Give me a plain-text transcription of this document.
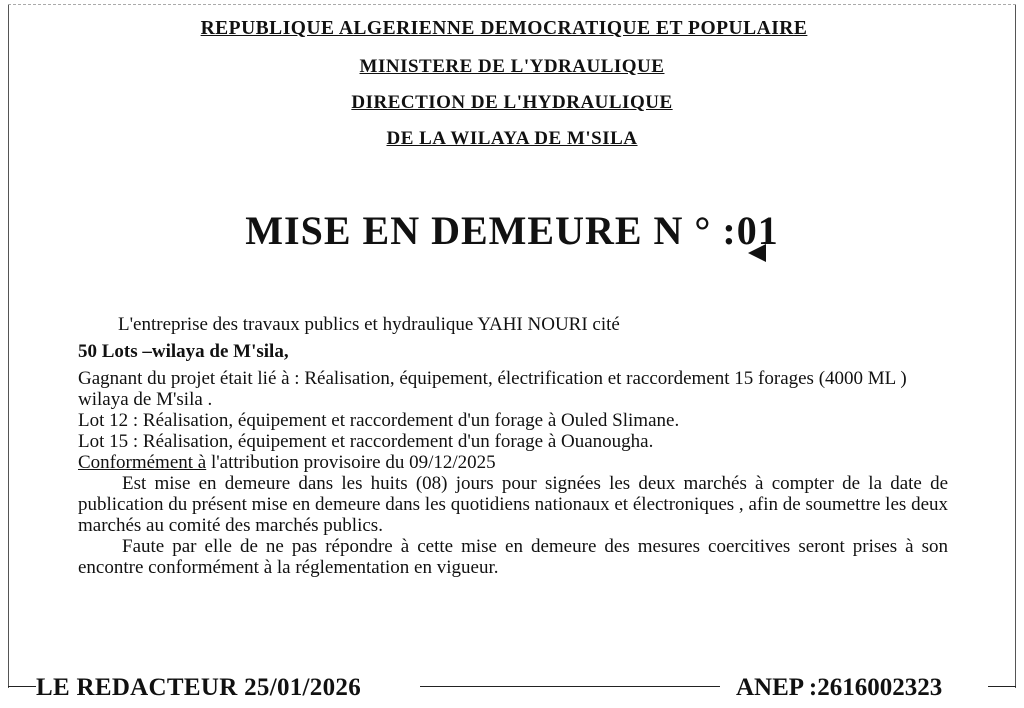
REPUBLIQUE ALGERIENNE DEMOCRATIQUE ET POPULAIRE
MINISTERE DE L'YDRAULIQUE
DIRECTION DE L'HYDRAULIQUE
DE LA WILAYA DE M'SILA
MISE EN DEMEURE N ° :01

L'entreprise des travaux publics et hydraulique YAHI NOURI cité

50 Lots –wilaya de M'sila,

Gagnant du projet était lié à : Réalisation, équipement, électrification et raccordement 15 forages (4000 ML ) wilaya de M'sila .

Lot 12 : Réalisation, équipement et raccordement d'un forage à Ouled Slimane.

Lot 15 : Réalisation, équipement et raccordement d'un forage à Ouanougha.

Conformément à l'attribution provisoire du 09/12/2025

Est mise en demeure dans les huits (08) jours pour signées les deux marchés à compter de la date de publication du présent mise en demeure dans les quotidiens nationaux et électroniques , afin de soumettre les deux marchés au comité des marchés publics.

Faute par elle de ne pas répondre à cette mise en demeure des mesures coercitives seront prises à son encontre conformément à la réglementation en vigueur.

LE REDACTEUR 25/01/2026	ANEP :2616002323
